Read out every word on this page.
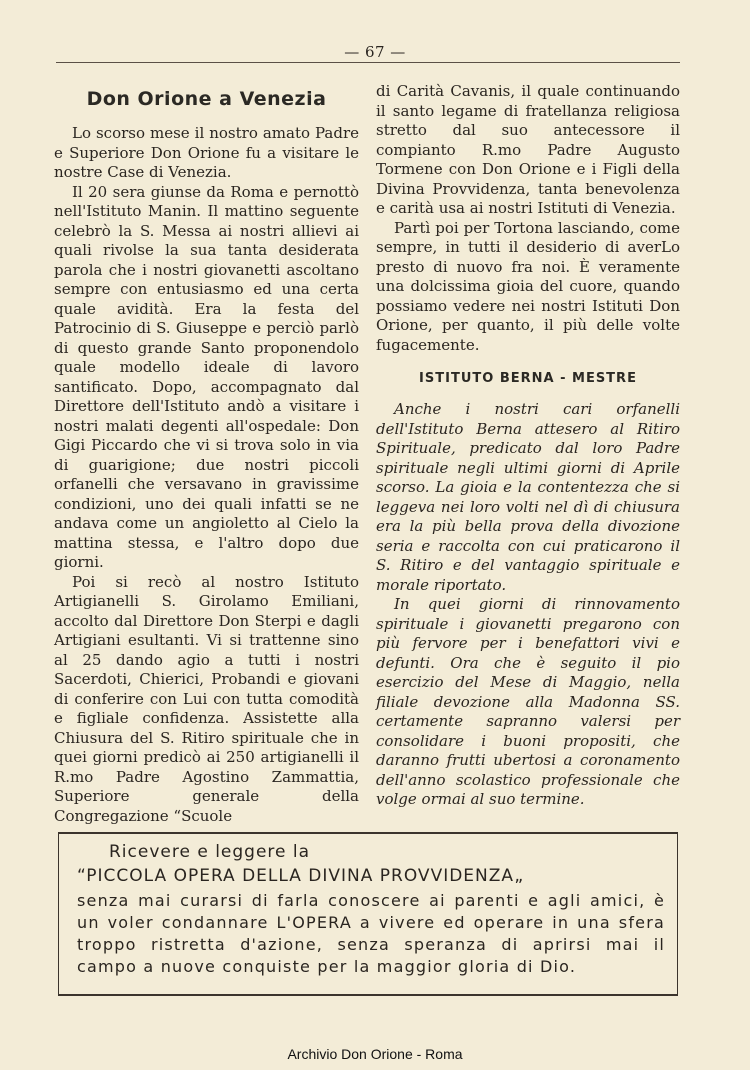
— 67 —
Don Orione a Venezia

Lo scorso mese il nostro amato Padre e Superiore Don Orione fu a visitare le nostre Case di Venezia.

Il 20 sera giunse da Roma e pernottò nell'Istituto Manin. Il mattino seguente celebrò la S. Messa ai nostri allievi ai quali rivolse la sua tanta desiderata parola che i nostri giovanetti ascoltano sempre con entusiasmo ed una certa quale avidità. Era la festa del Patrocinio di S. Giuseppe e perciò parlò di questo grande Santo proponendolo quale modello ideale di lavoro santificato. Dopo, accompagnato dal Direttore dell'Istituto andò a visitare i nostri malati degenti all'ospedale: Don Gigi Piccardo che vi si trova solo in via di guarigione; due nostri piccoli orfanelli che versavano in gravissime condizioni, uno dei quali infatti se ne andava come un angioletto al Cielo la mattina stessa, e l'altro dopo due giorni.

Poi si recò al nostro Istituto Artigianelli S. Girolamo Emiliani, accolto dal Direttore Don Sterpi e dagli Artigiani esultanti. Vi si trattenne sino al 25 dando agio a tutti i nostri Sacerdoti, Chierici, Probandi e giovani di conferire con Lui con tutta comodità e figliale confidenza. Assistette alla Chiusura del S. Ritiro spirituale che in quei giorni predicò ai 250 artigianelli il R.mo Padre Agostino Zammattia, Superiore generale della Congregazione “Scuole

di Carità Cavanis, il quale continuando il santo legame di fratellanza religiosa stretto dal suo antecessore il compianto R.mo Padre Augusto Tormene con Don Orione e i Figli della Divina Provvidenza, tanta benevolenza e carità usa ai nostri Istituti di Venezia.

Partì poi per Tortona lasciando, come sempre, in tutti il desiderio di averLo presto di nuovo fra noi. È veramente una dolcissima gioia del cuore, quando possiamo vedere nei nostri Istituti Don Orione, per quanto, il più delle volte fugacemente.

ISTITUTO BERNA - MESTRE

Anche i nostri cari orfanelli dell'Istituto Berna attesero al Ritiro Spirituale, predicato dal loro Padre spirituale negli ultimi giorni di Aprile scorso. La gioia e la contentezza che si leggeva nei loro volti nel dì di chiusura era la più bella prova della divozione seria e raccolta con cui praticarono il S. Ritiro e del vantaggio spirituale e morale riportato.

In quei giorni di rinnovamento spirituale i giovanetti pregarono con più fervore per i benefattori vivi e defunti. Ora che è seguito il pio esercizio del Mese di Maggio, nella filiale devozione alla Madonna SS. certamente sapranno valersi per consolidare i buoni propositi, che daranno frutti ubertosi a coronamento dell'anno scolastico professionale che volge ormai al suo termine.

Ricevere e leggere la

“PICCOLA OPERA DELLA DIVINA PROVVIDENZA„

senza mai curarsi di farla conoscere ai parenti e agli amici, è un voler condannare L'OPERA a vivere ed operare in una sfera troppo ristretta d'azione, senza speranza di aprirsi mai il campo a nuove conquiste per la maggior gloria di Dio.

Archivio Don Orione - Roma
